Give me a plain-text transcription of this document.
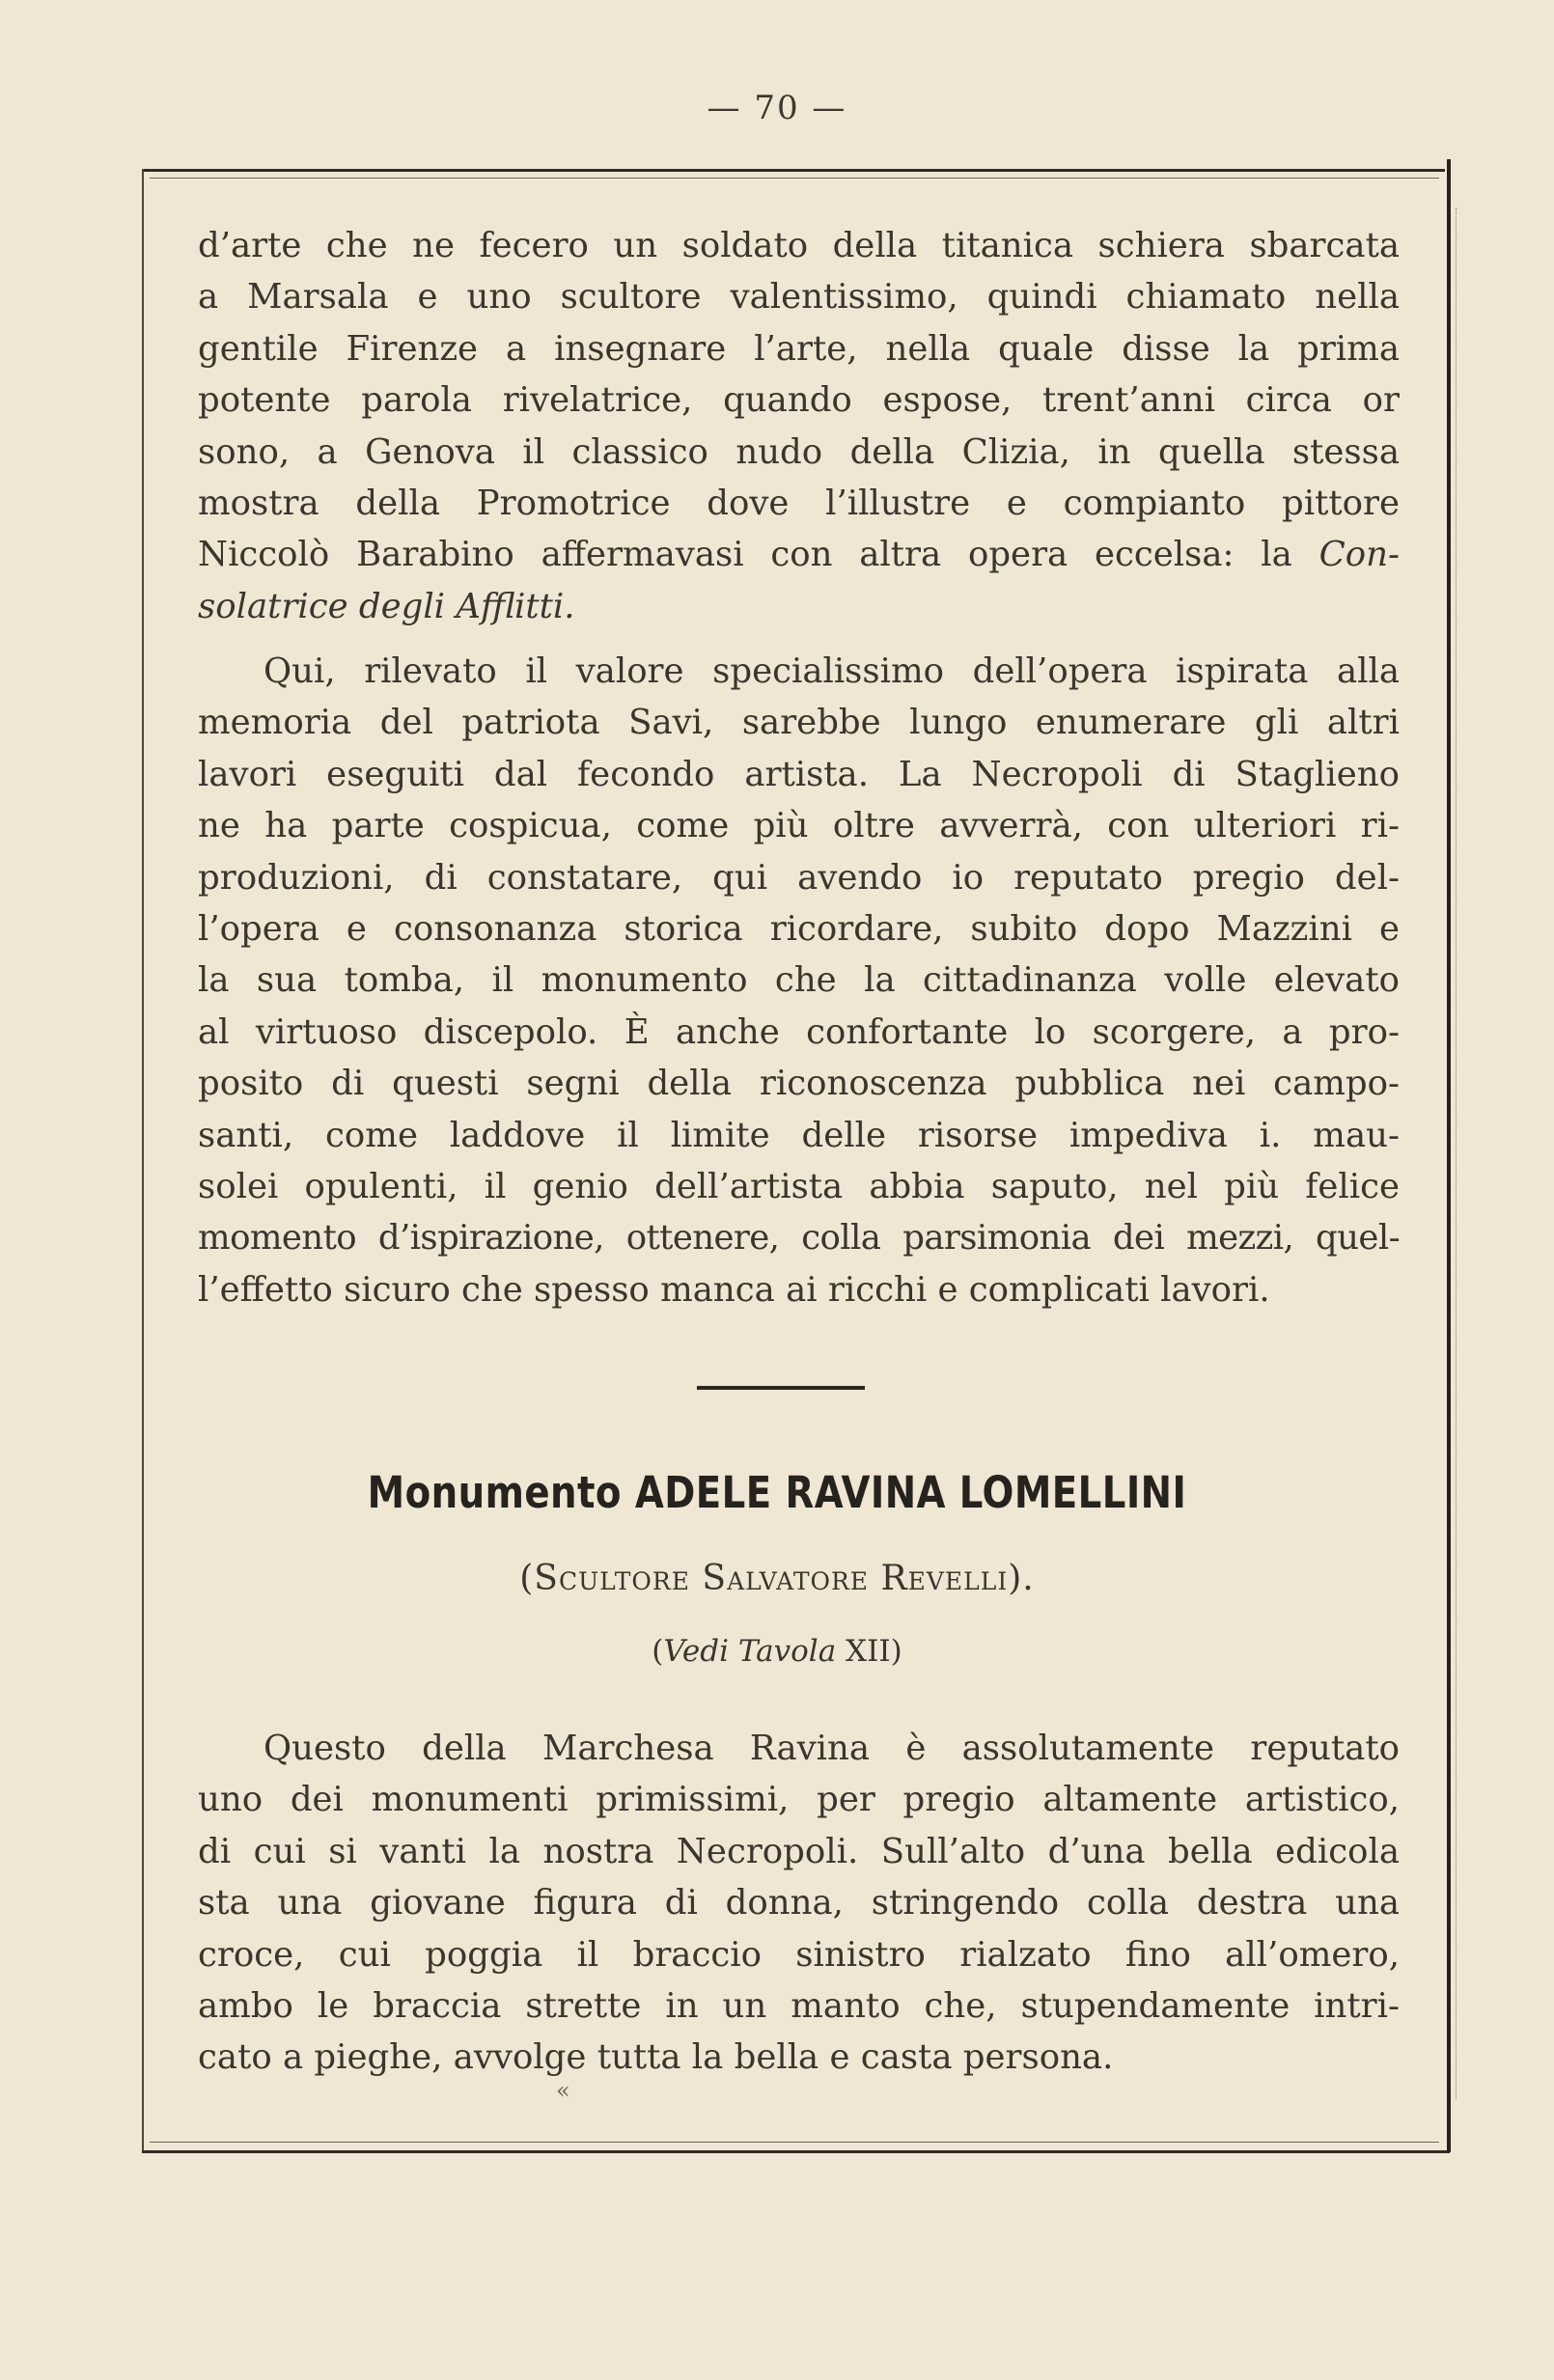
— 70 —
d’arte che ne fecero un soldato della titanica schiera sbarcata
a Marsala e uno scultore valentissimo, quindi chiamato nella
gentile Firenze a insegnare l’arte, nella quale disse la prima
potente parola rivelatrice, quando espose, trent’anni circa or
sono, a Genova il classico nudo della Clizia, in quella stessa
mostra della Promotrice dove l’illustre e compianto pittore
Niccolò Barabino affermavasi con altra opera eccelsa: la Con-
solatrice degli Afflitti.
Qui, rilevato il valore specialissimo dell’opera ispirata alla
memoria del patriota Savi, sarebbe lungo enumerare gli altri
lavori eseguiti dal fecondo artista. La Necropoli di Staglieno
ne ha parte cospicua, come più oltre avverrà, con ulteriori ri-
produzioni, di constatare, qui avendo io reputato pregio del-
l’opera e consonanza storica ricordare, subito dopo Mazzini e
la sua tomba, il monumento che la cittadinanza volle elevato
al virtuoso discepolo. È anche confortante lo scorgere, a pro-
posito di questi segni della riconoscenza pubblica nei campo-
santi, come laddove il limite delle risorse impediva i. mau-
solei opulenti, il genio dell’artista abbia saputo, nel più felice
momento d’ispirazione, ottenere, colla parsimonia dei mezzi, quel-
l’effetto sicuro che spesso manca ai ricchi e complicati lavori.
Monumento ADELE RAVINA LOMELLINI
(Scultore Salvatore Revelli).
(Vedi Tavola XII)
Questo della Marchesa Ravina è assolutamente reputato
uno dei monumenti primissimi, per pregio altamente artistico,
di cui si vanti la nostra Necropoli. Sull’alto d’una bella edicola
sta una giovane figura di donna, stringendo colla destra una
croce, cui poggia il braccio sinistro rialzato fino all’omero,
ambo le braccia strette in un manto che, stupendamente intri-
cato a pieghe, avvolge tutta la bella e casta persona.
«
